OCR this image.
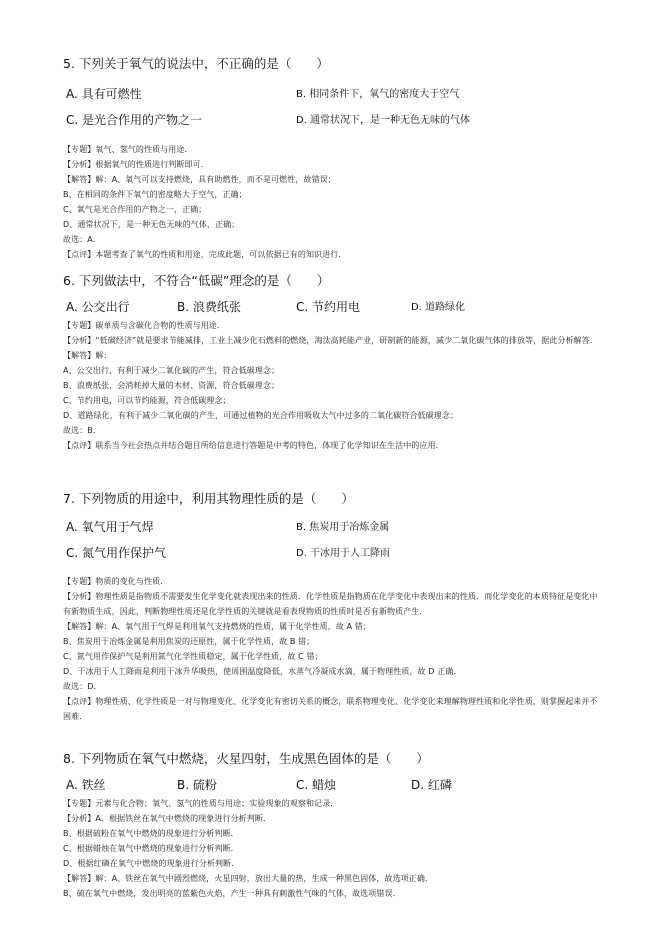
5. 下列关于氧气的说法中，不正确的是（　　）

A. 具有可燃性	B. 相同条件下，氧气的密度大于空气
C. 是光合作用的产物之一	D. 通常状况下，是一种无色无味的气体
【专题】氧气、氢气的性质与用途．
【分析】根据氧气的性质进行判断即可．
【解答】解：A、氧气可以支持燃烧，具有助燃性，而不是可燃性，故错误；
B、在相同的条件下氧气的密度略大于空气，正确；
C、氧气是光合作用的产物之一，正确；
D、通常状况下，是一种无色无味的气体，正确；
故选：A．
【点评】本题考查了氧气的性质和用途，完成此题，可以依据已有的知识进行．

6. 下列做法中，不符合“低碳”理念的是（　　）

A. 公交出行	B. 浪费纸张	C. 节约用电	D. 道路绿化
【专题】碳单质与含碳化合物的性质与用途．
【分析】“低碳经济”就是要求节能减排，工业上减少化石燃料的燃烧，淘汰高耗能产业，研制新的能源，减少二氧化碳气体的排放等，据此分析解答．
【解答】解：
A、公交出行，有利于减少二氧化碳的产生，符合低碳理念；
B、浪费纸张，会消耗掉大量的木材、资源，符合低碳理念；
C、节约用电，可以节约能源，符合低碳理念；
D、道路绿化，有利于减少二氧化碳的产生，可通过植物的光合作用吸收大气中过多的二氧化碳符合低碳理念；
故选：B．
【点评】联系当今社会热点并结合题目所给信息进行答题是中考的特色，体现了化学知识在生活中的应用．

7. 下列物质的用途中，利用其物理性质的是（　　）

A. 氧气用于气焊	B. 焦炭用于冶炼金属
C. 氮气用作保护气	D. 干冰用于人工降雨
【专题】物质的变化与性质．
【分析】物理性质是指物质不需要发生化学变化就表现出来的性质．化学性质是指物质在化学变化中表现出来的性质．而化学变化的本质特征是变化中有新物质生成，因此，判断物理性质还是化学性质的关键就是看表现物质的性质时是否有新物质产生．
【解答】解：A、氧气用于气焊是利用氧气支持燃烧的性质，属于化学性质，故 A 错；
B、焦炭用于冶炼金属是利用焦炭的还原性，属于化学性质，故 B 错；
C、氮气用作保护气是利用氮气化学性质稳定，属于化学性质，故 C 错；
D、干冰用于人工降雨是利用干冰升华吸热，使周围温度降低，水蒸气冷凝成水滴，属于物理性质，故 D 正确．
故选：D．
【点评】物理性质、化学性质是一对与物理变化、化学变化有密切关系的概念，联系物理变化、化学变化来理解物理性质和化学性质，则掌握起来并不困难．

8. 下列物质在氧气中燃烧，火星四射，生成黑色固体的是（　　）

A. 铁丝	B. 硫粉	C. 蜡烛	D. 红磷
【专题】元素与化合物；氧气、氢气的性质与用途；实验现象的观察和记录．
【分析】A、根据铁丝在氧气中燃烧的现象进行分析判断．
B、根据硫粉在氧气中燃烧的现象进行分析判断．
C、根据蜡烛在氧气中燃烧的现象进行分析判断．
D、根据红磷在氧气中燃烧的现象进行分析判断．
【解答】解：A、铁丝在氧气中剧烈燃烧，火星四射，放出大量的热，生成一种黑色固体，故选项正确．
B、硫在氧气中燃烧，发出明亮的蓝紫色火焰，产生一种具有刺激性气味的气体，故选项错误．
